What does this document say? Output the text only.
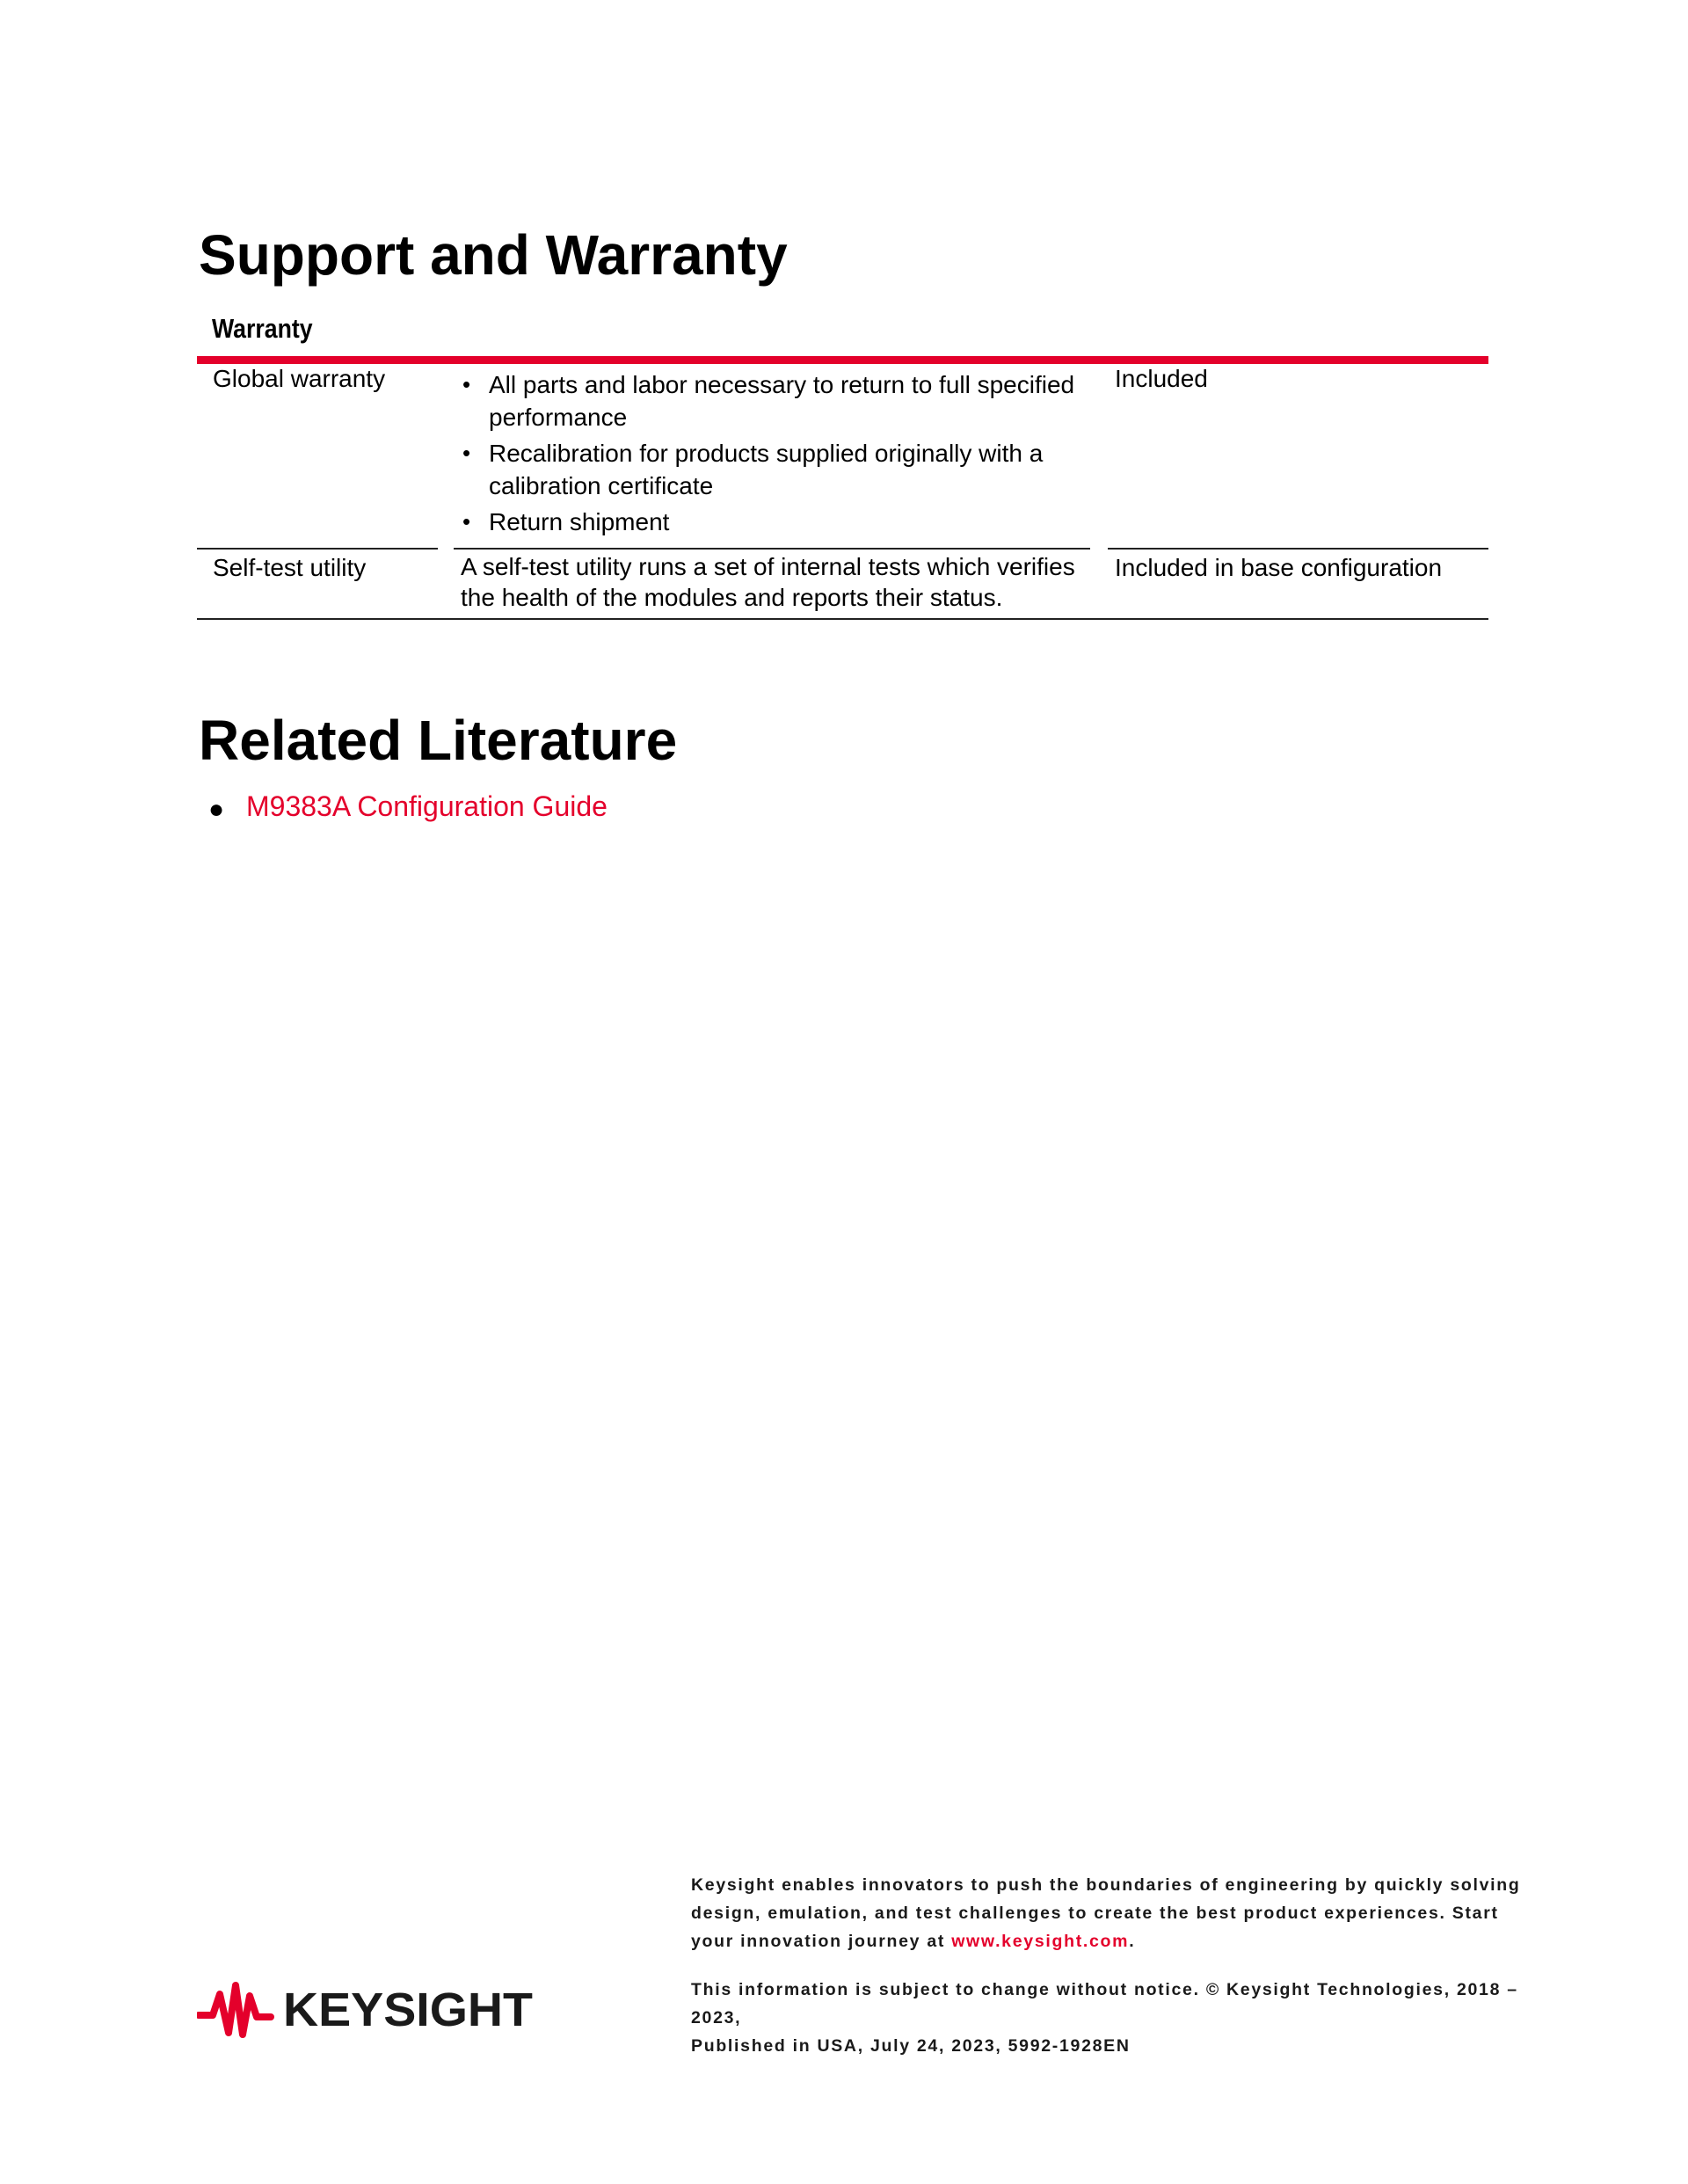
Support and Warranty
Warranty
Global warranty	• All parts and labor necessary to return to full specified performance
• Recalibration for products supplied originally with a calibration certificate
• Return shipment
Included
Self-test utility	A self-test utility runs a set of internal tests which verifies the health of the modules and reports their status.
Included in base configuration
Related Literature
● M9383A Configuration Guide
KEYSIGHT

Keysight enables innovators to push the boundaries of engineering by quickly solving design, emulation, and test challenges to create the best product experiences. Start your innovation journey at www.keysight.com.

This information is subject to change without notice. © Keysight Technologies, 2018 – 2023,
Published in USA, July 24, 2023, 5992-1928EN
